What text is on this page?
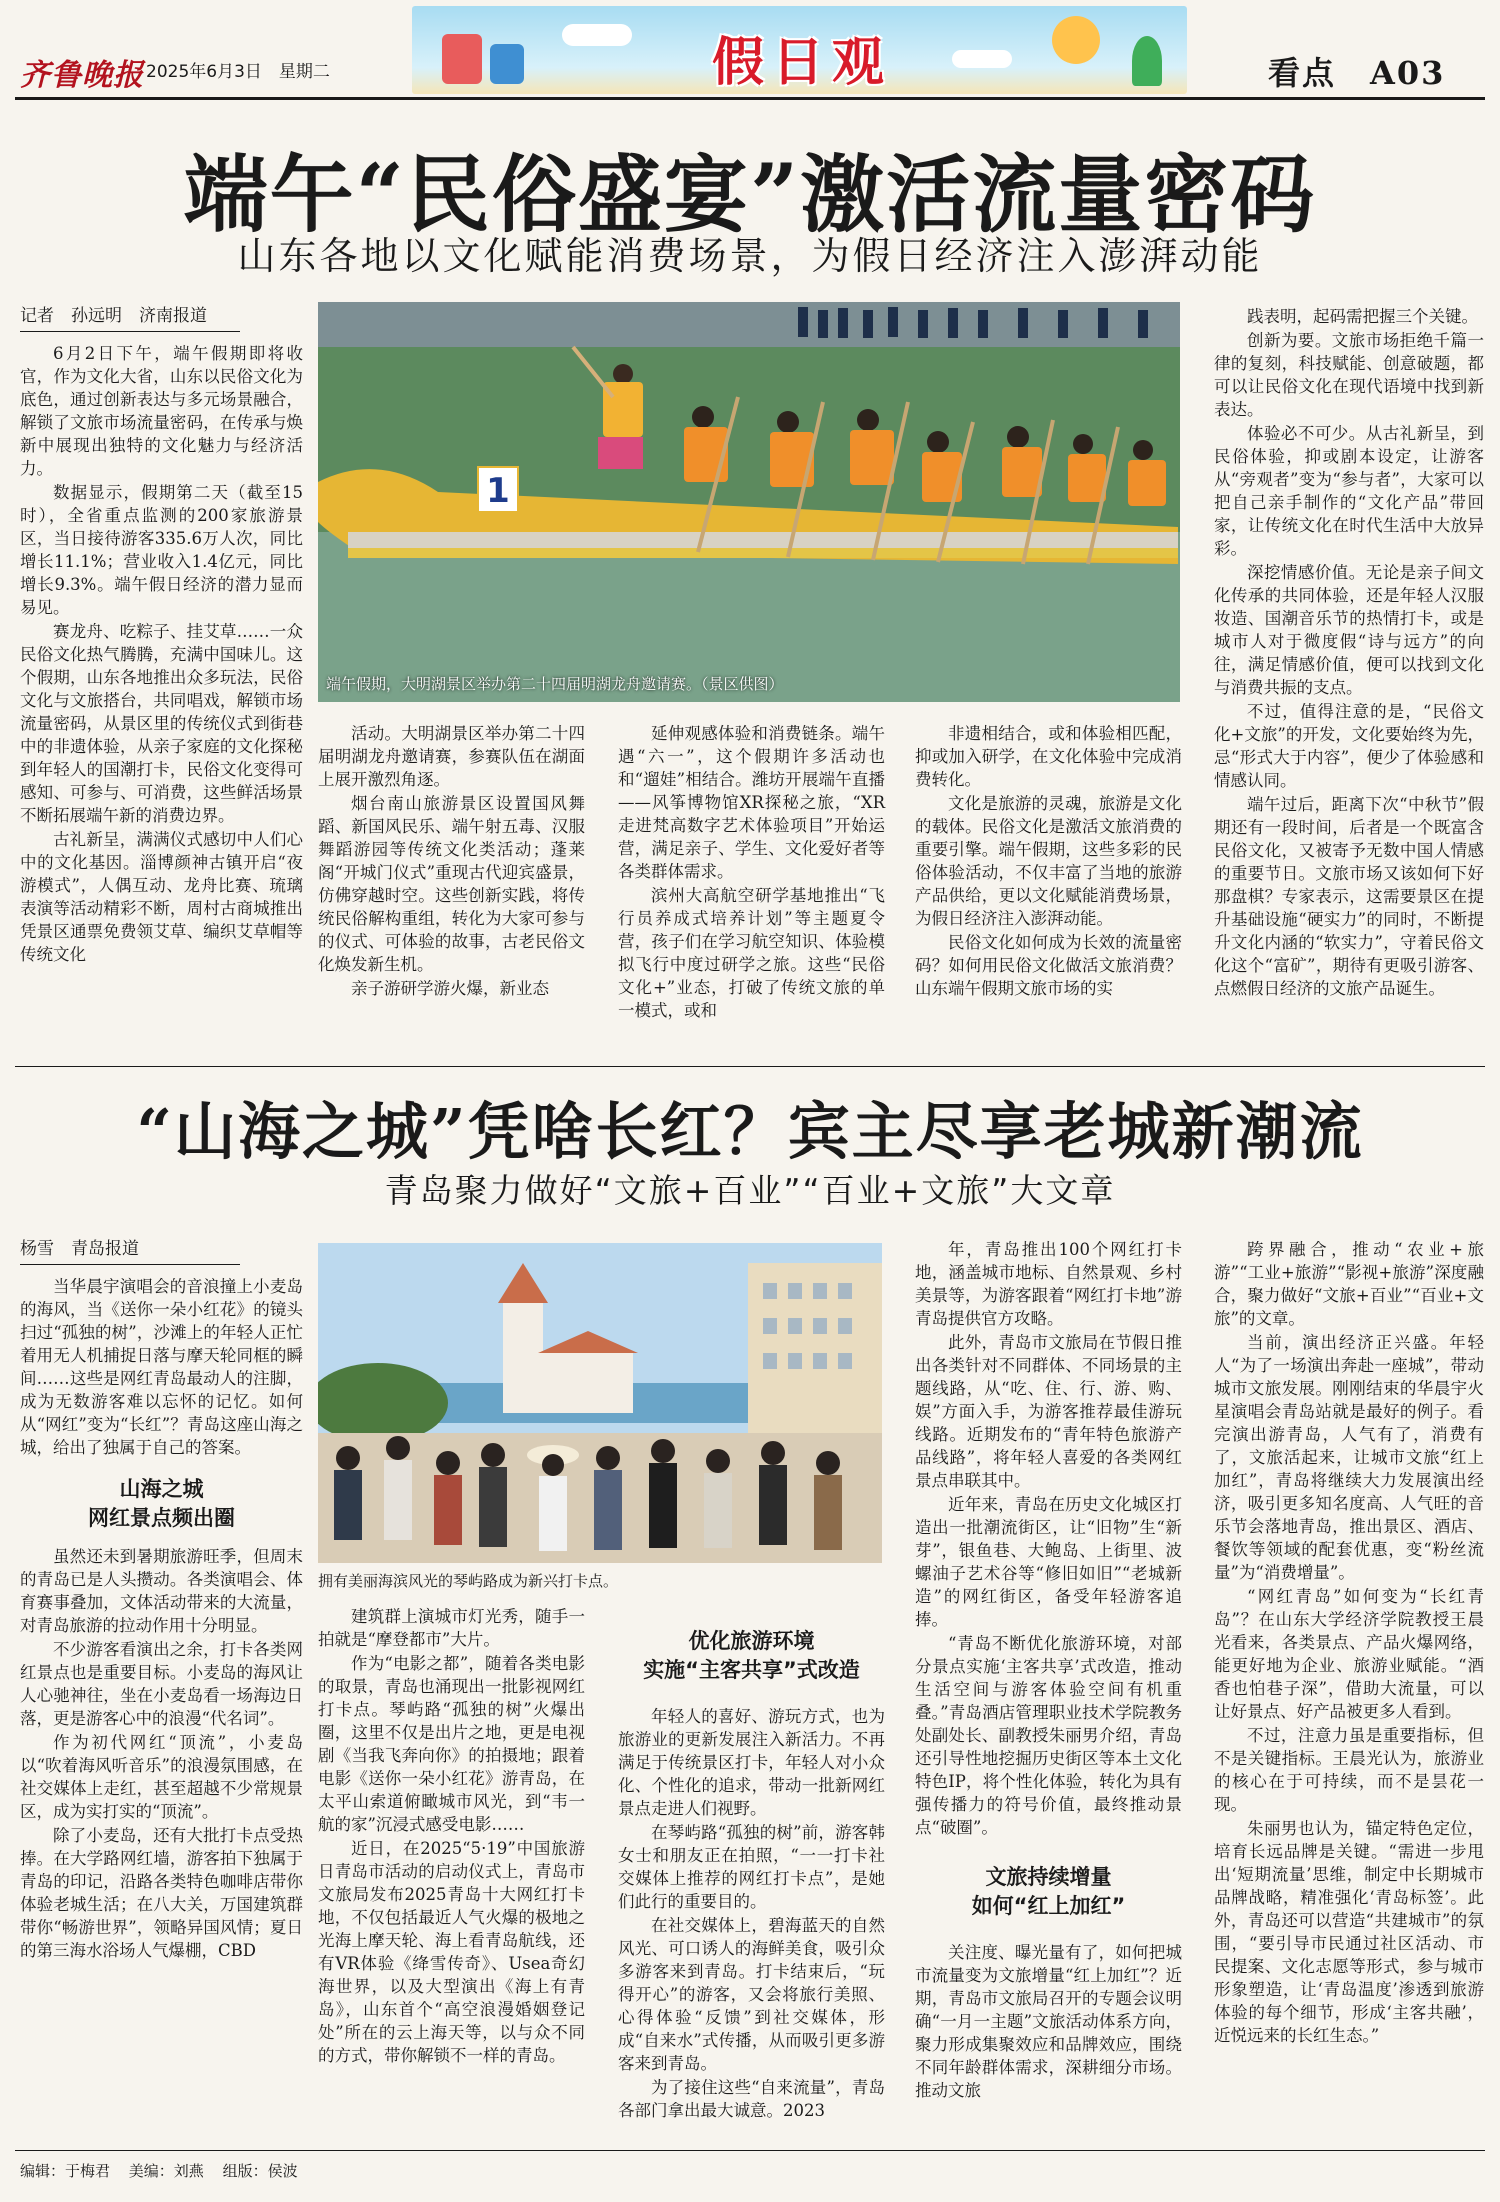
齐鲁晚报 2025年6月3日　星期二	假日观	看点　A03
端午“民俗盛宴”激活流量密码
山东各地以文化赋能消费场景，为假日经济注入澎湃动能
记者　孙远明　济南报道

6月2日下午，端午假期即将收官，作为文化大省，山东以民俗文化为底色，通过创新表达与多元场景融合，解锁了文旅市场流量密码，在传承与焕新中展现出独特的文化魅力与经济活力。

数据显示，假期第二天（截至15时），全省重点监测的200家旅游景区，当日接待游客335.6万人次，同比增长11.1%；营业收入1.4亿元，同比增长9.3%。端午假日经济的潜力显而易见。

赛龙舟、吃粽子、挂艾草……一众民俗文化热气腾腾，充满中国味儿。这个假期，山东各地推出众多玩法，民俗文化与文旅搭台，共同唱戏，解锁市场流量密码，从景区里的传统仪式到街巷中的非遗体验，从亲子家庭的文化探秘到年轻人的国潮打卡，民俗文化变得可感知、可参与、可消费，这些鲜活场景不断拓展端午新的消费边界。

古礼新呈，满满仪式感切中人们心中的文化基因。淄博颜神古镇开启“夜游模式”，人偶互动、龙舟比赛、琉璃表演等活动精彩不断，周村古商城推出凭景区通票免费领艾草、编织艾草帽等传统文化

1
端午假期，大明湖景区举办第二十四届明湖龙舟邀请赛。（景区供图）

活动。大明湖景区举办第二十四届明湖龙舟邀请赛，参赛队伍在湖面上展开激烈角逐。

烟台南山旅游景区设置国风舞蹈、新国风民乐、端午射五毒、汉服舞蹈游园等传统文化类活动；蓬莱阁“开城门仪式”重现古代迎宾盛景，仿佛穿越时空。这些创新实践，将传统民俗解构重组，转化为大家可参与的仪式、可体验的故事，古老民俗文化焕发新生机。

亲子游研学游火爆，新业态

延伸观感体验和消费链条。端午遇“六一”，这个假期许多活动也和“遛娃”相结合。潍坊开展端午直播——风筝博物馆XR探秘之旅，“XR走进梵高数字艺术体验项目”开始运营，满足亲子、学生、文化爱好者等各类群体需求。

滨州大高航空研学基地推出“飞行员养成式培养计划”等主题夏令营，孩子们在学习航空知识、体验模拟飞行中度过研学之旅。这些“民俗文化+”业态，打破了传统文旅的单一模式，或和

非遗相结合，或和体验相匹配，抑或加入研学，在文化体验中完成消费转化。

文化是旅游的灵魂，旅游是文化的载体。民俗文化是激活文旅消费的重要引擎。端午假期，这些多彩的民俗体验活动，不仅丰富了当地的旅游产品供给，更以文化赋能消费场景，为假日经济注入澎湃动能。

民俗文化如何成为长效的流量密码？如何用民俗文化做活文旅消费？山东端午假期文旅市场的实

践表明，起码需把握三个关键。

创新为要。文旅市场拒绝千篇一律的复刻，科技赋能、创意破题，都可以让民俗文化在现代语境中找到新表达。

体验必不可少。从古礼新呈，到民俗体验，抑或剧本设定，让游客从“旁观者”变为“参与者”，大家可以把自己亲手制作的“文化产品”带回家，让传统文化在时代生活中大放异彩。

深挖情感价值。无论是亲子间文化传承的共同体验，还是年轻人汉服妆造、国潮音乐节的热情打卡，或是城市人对于微度假“诗与远方”的向往，满足情感价值，便可以找到文化与消费共振的支点。

不过，值得注意的是，“民俗文化+文旅”的开发，文化要始终为先，忌“形式大于内容”，便少了体验感和情感认同。

端午过后，距离下次“中秋节”假期还有一段时间，后者是一个既富含民俗文化，又被寄予无数中国人情感的重要节日。文旅市场又该如何下好那盘棋？专家表示，这需要景区在提升基础设施“硬实力”的同时，不断提升文化内涵的“软实力”，守着民俗文化这个“富矿”，期待有更吸引游客、点燃假日经济的文旅产品诞生。

“山海之城”凭啥长红？宾主尽享老城新潮流
青岛聚力做好“文旅+百业”“百业+文旅”大文章
杨雪　青岛报道

当华晨宇演唱会的音浪撞上小麦岛的海风，当《送你一朵小红花》的镜头扫过“孤独的树”，沙滩上的年轻人正忙着用无人机捕捉日落与摩天轮同框的瞬间……这些是网红青岛最动人的注脚，成为无数游客难以忘怀的记忆。如何从“网红”变为“长红”？青岛这座山海之城，给出了独属于自己的答案。

山海之城
网红景点频出圈

虽然还未到暑期旅游旺季，但周末的青岛已是人头攒动。各类演唱会、体育赛事叠加，文体活动带来的大流量，对青岛旅游的拉动作用十分明显。

不少游客看演出之余，打卡各类网红景点也是重要目标。小麦岛的海风让人心驰神往，坐在小麦岛看一场海边日落，更是游客心中的浪漫“代名词”。

作为初代网红“顶流”，小麦岛以“吹着海风听音乐”的浪漫氛围感，在社交媒体上走红，甚至超越不少常规景区，成为实打实的“顶流”。

除了小麦岛，还有大批打卡点受热捧。在大学路网红墙，游客拍下独属于青岛的印记，沿路各类特色咖啡店带你体验老城生活；在八大关，万国建筑群带你“畅游世界”，领略异国风情；夏日的第三海水浴场人气爆棚，CBD

拥有美丽海滨风光的琴屿路成为新兴打卡点。

建筑群上演城市灯光秀，随手一拍就是“摩登都市”大片。

作为“电影之都”，随着各类电影的取景，青岛也涌现出一批影视网红打卡点。琴屿路“孤独的树”火爆出圈，这里不仅是出片之地，更是电视剧《当我飞奔向你》的拍摄地；跟着电影《送你一朵小红花》游青岛，在太平山索道俯瞰城市风光，到“韦一航的家”沉浸式感受电影……

近日，在2025“5·19”中国旅游日青岛市活动的启动仪式上，青岛市文旅局发布2025青岛十大网红打卡地，不仅包括最近人气火爆的极地之光海上摩天轮、海上看青岛航线，还有VR体验《绛雪传奇》、Usea奇幻海世界，以及大型演出《海上有青岛》，山东首个“高空浪漫婚姻登记处”所在的云上海天等，以与众不同的方式，带你解锁不一样的青岛。

优化旅游环境
实施“主客共享”式改造

年轻人的喜好、游玩方式，也为旅游业的更新发展注入新活力。不再满足于传统景区打卡，年轻人对小众化、个性化的追求，带动一批新网红景点走进人们视野。

在琴屿路“孤独的树”前，游客韩女士和朋友正在拍照，“一一打卡社交媒体上推荐的网红打卡点”，是她们此行的重要目的。

在社交媒体上，碧海蓝天的自然风光、可口诱人的海鲜美食，吸引众多游客来到青岛。打卡结束后，“玩得开心”的游客，又会将旅行美照、心得体验“反馈”到社交媒体，形成“自来水”式传播，从而吸引更多游客来到青岛。

为了接住这些“自来流量”，青岛各部门拿出最大诚意。2023

年，青岛推出100个网红打卡地，涵盖城市地标、自然景观、乡村美景等，为游客跟着“网红打卡地”游青岛提供官方攻略。

此外，青岛市文旅局在节假日推出各类针对不同群体、不同场景的主题线路，从“吃、住、行、游、购、娱”方面入手，为游客推荐最佳游玩线路。近期发布的“青年特色旅游产品线路”，将年轻人喜爱的各类网红景点串联其中。

近年来，青岛在历史文化城区打造出一批潮流街区，让“旧物”生“新芽”，银鱼巷、大鲍岛、上街里、波螺油子艺术谷等“修旧如旧”“老城新造”的网红街区，备受年轻游客追捧。

“青岛不断优化旅游环境，对部分景点实施‘主客共享’式改造，推动生活空间与游客体验空间有机重叠。”青岛酒店管理职业技术学院教务处副处长、副教授朱丽男介绍，青岛还引导性地挖掘历史街区等本土文化特色IP，将个性化体验，转化为具有强传播力的符号价值，最终推动景点“破圈”。

文旅持续增量
如何“红上加红”

关注度、曝光量有了，如何把城市流量变为文旅增量“红上加红”？近期，青岛市文旅局召开的专题会议明确“一月一主题”文旅活动体系方向，聚力形成集聚效应和品牌效应，围绕不同年龄群体需求，深耕细分市场。推动文旅

跨界融合，推动“农业+旅游”“工业+旅游”“影视+旅游”深度融合，聚力做好“文旅+百业”“百业+文旅”的文章。

当前，演出经济正兴盛。年轻人“为了一场演出奔赴一座城”，带动城市文旅发展。刚刚结束的华晨宇火星演唱会青岛站就是最好的例子。看完演出游青岛，人气有了，消费有了，文旅活起来，让城市文旅“红上加红”，青岛将继续大力发展演出经济，吸引更多知名度高、人气旺的音乐节会落地青岛，推出景区、酒店、餐饮等领域的配套优惠，变“粉丝流量”为“消费增量”。

“网红青岛”如何变为“长红青岛”？在山东大学经济学院教授王晨光看来，各类景点、产品火爆网络，能更好地为企业、旅游业赋能。“酒香也怕巷子深”，借助大流量，可以让好景点、好产品被更多人看到。

不过，注意力虽是重要指标，但不是关键指标。王晨光认为，旅游业的核心在于可持续，而不是昙花一现。

朱丽男也认为，锚定特色定位，培育长远品牌是关键。“需进一步甩出‘短期流量’思维，制定中长期城市品牌战略，精准强化‘青岛标签’。此外，青岛还可以营造“共建城市”的氛围，“要引导市民通过社区活动、市民提案、文化志愿等形式，参与城市形象塑造，让‘青岛温度’渗透到旅游体验的每个细节，形成‘主客共融’，近悦远来的长红生态。”

编辑：于梅君 美编：刘燕 组版：侯波
